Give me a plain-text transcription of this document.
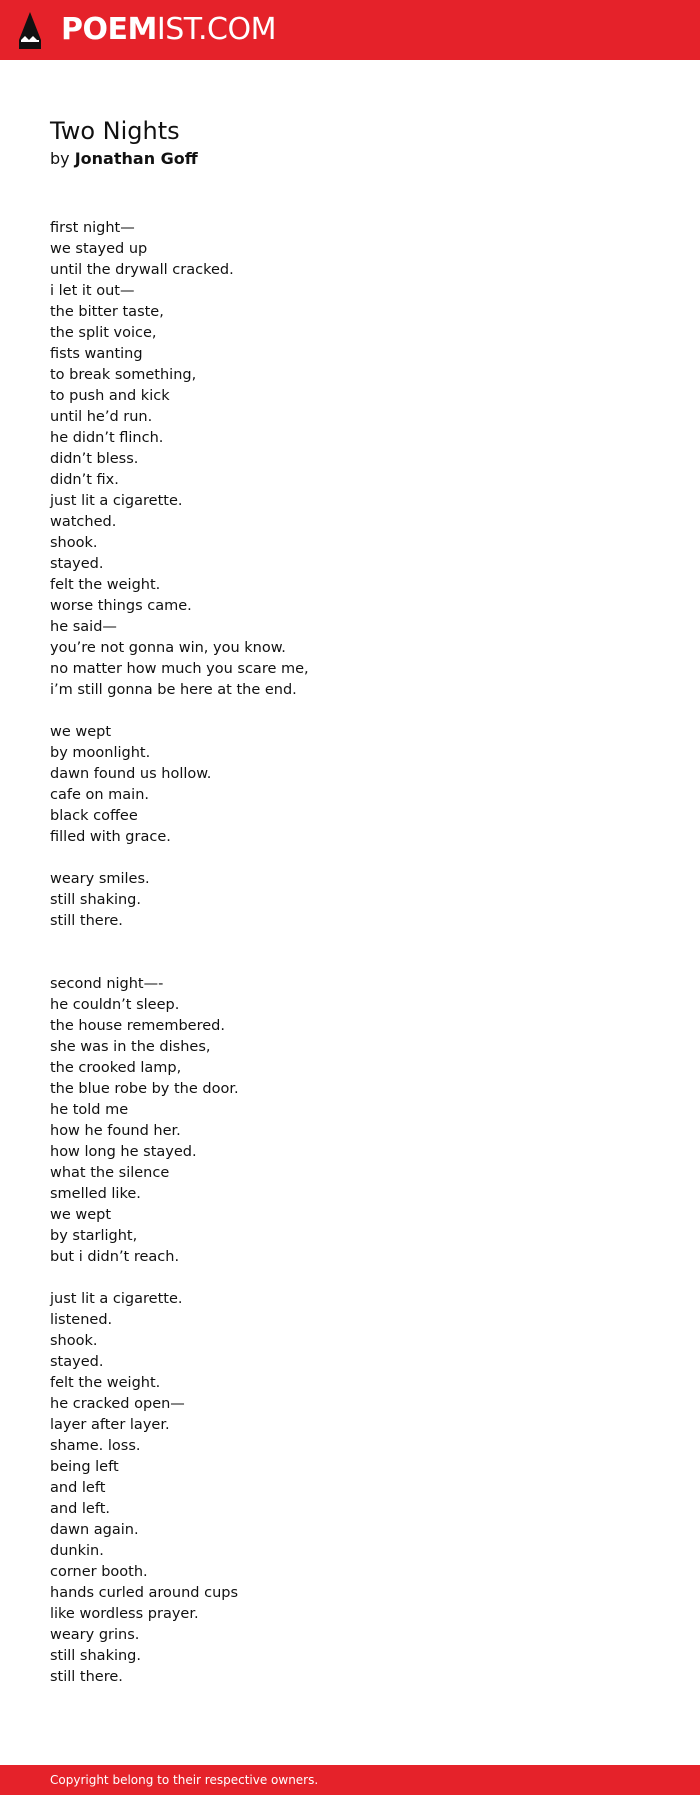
POEMIST.COM
Two Nights
by Jonathan Goff
first night—
we stayed up
until the drywall cracked.
i let it out—
the bitter taste,
the split voice,
fists wanting
to break something,
to push and kick
until he’d run.
he didn’t flinch.
didn’t bless.
didn’t fix.
just lit a cigarette.
watched.
shook.
stayed.
felt the weight.
worse things came.
he said—
you’re not gonna win, you know.
no matter how much you scare me,
i’m still gonna be here at the end.
we wept
by moonlight.
dawn found us hollow.
cafe on main.
black coffee
filled with grace.
weary smiles.
still shaking.
still there.
second night—-
he couldn’t sleep.
the house remembered.
she was in the dishes,
the crooked lamp,
the blue robe by the door.
he told me
how he found her.
how long he stayed.
what the silence
smelled like.
we wept
by starlight,
but i didn’t reach.
just lit a cigarette.
listened.
shook.
stayed.
felt the weight.
he cracked open—
layer after layer.
shame. loss.
being left
and left
and left.
dawn again.
dunkin.
corner booth.
hands curled around cups
like wordless prayer.
weary grins.
still shaking.
still there.
Copyright belong to their respective owners.
